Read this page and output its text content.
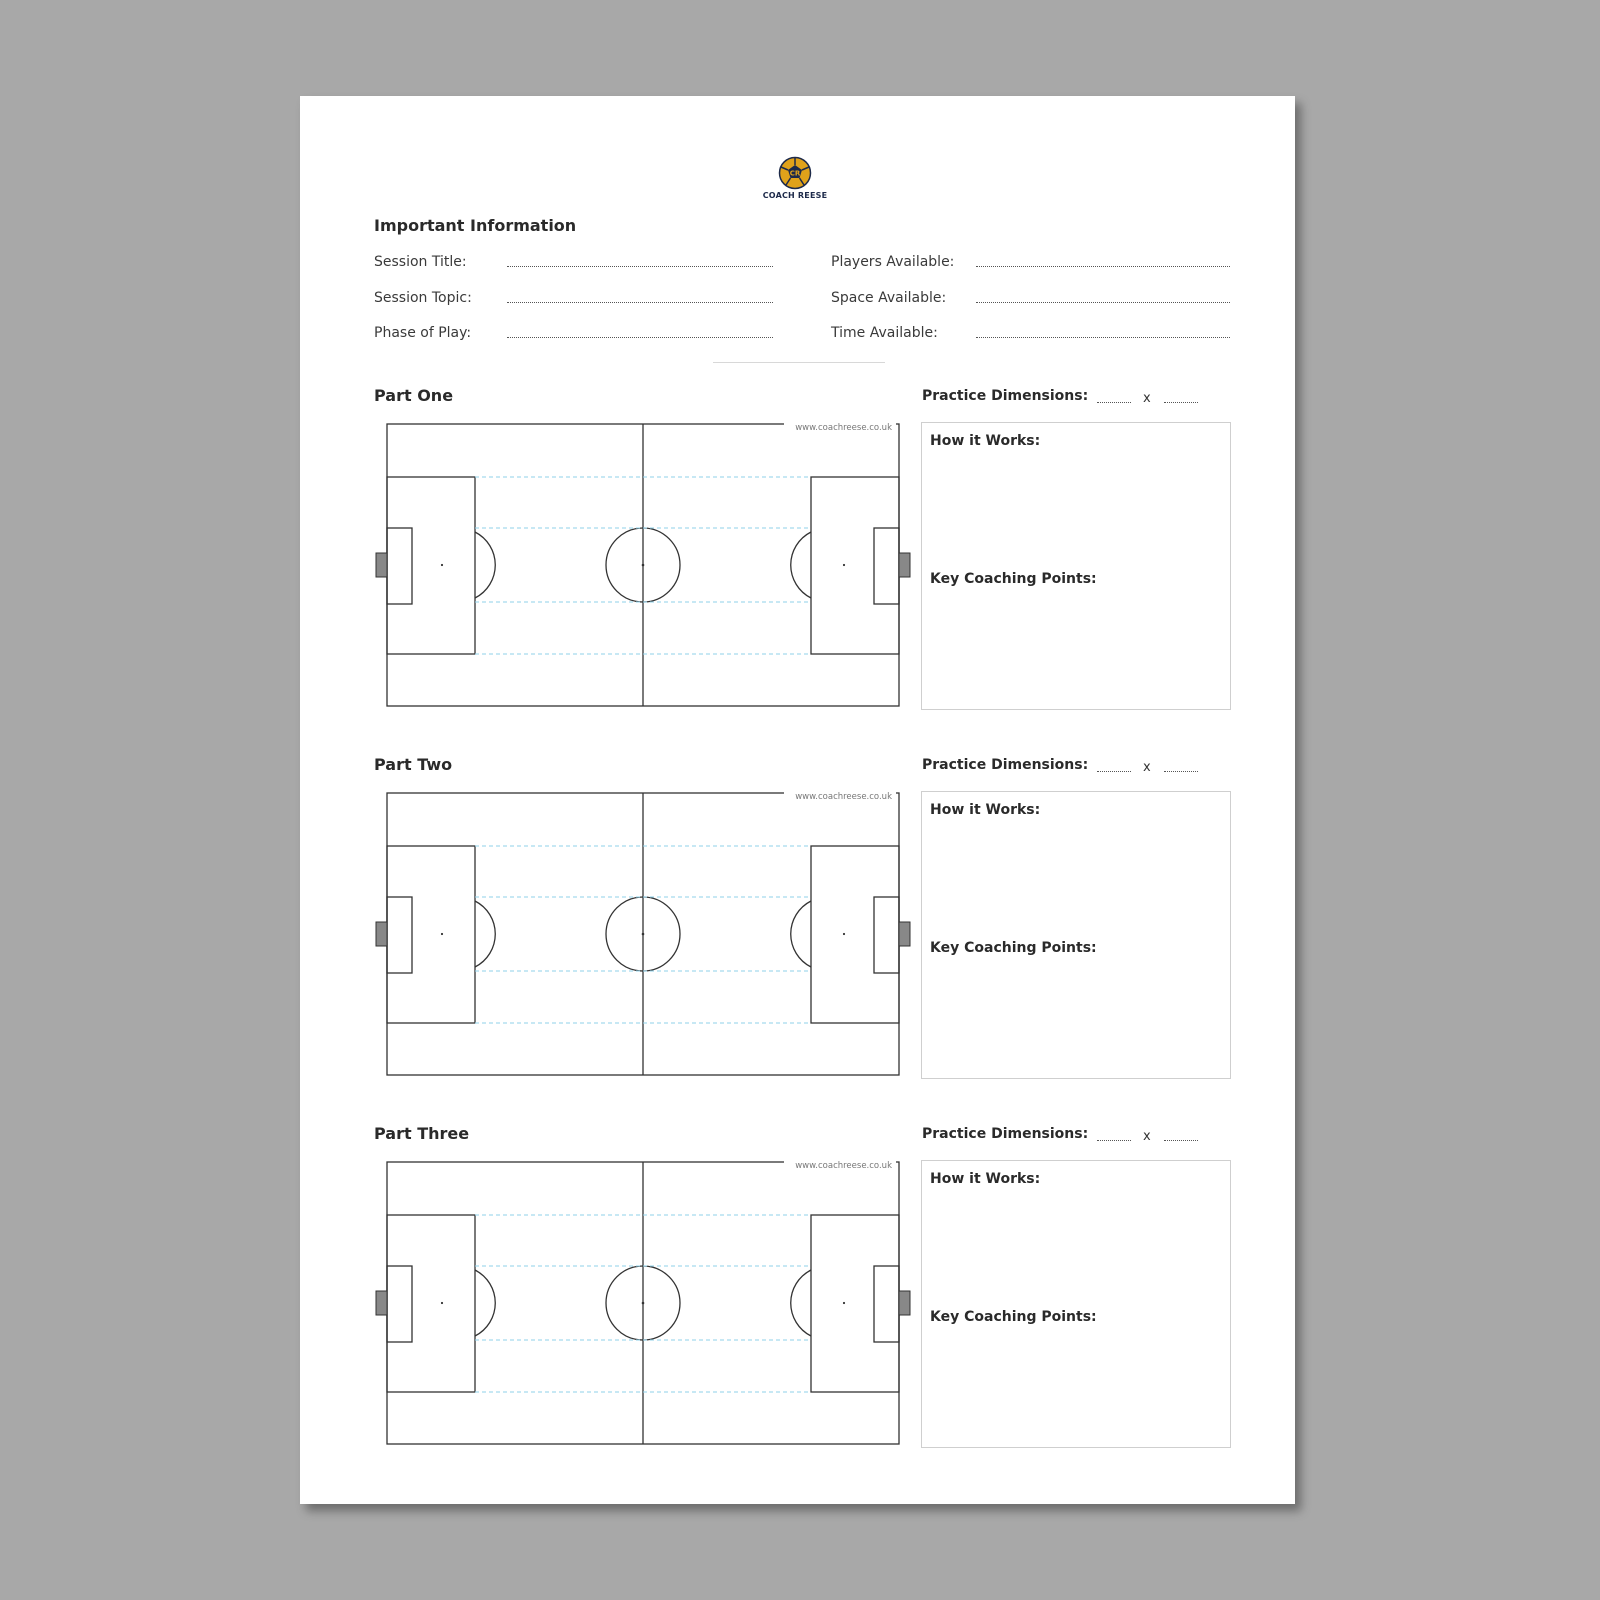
CR
COACH REESE
Important Information
Session Title:
Session Topic:
Phase of Play:
Players Available:
Space Available:
Time Available:
Part One	Practice Dimensions:	x
www.coachreese.co.uk
How it Works:
Key Coaching Points:
Part Two	Practice Dimensions:	x
www.coachreese.co.uk
How it Works:
Key Coaching Points:
Part Three	Practice Dimensions:	x
www.coachreese.co.uk
How it Works:
Key Coaching Points:
